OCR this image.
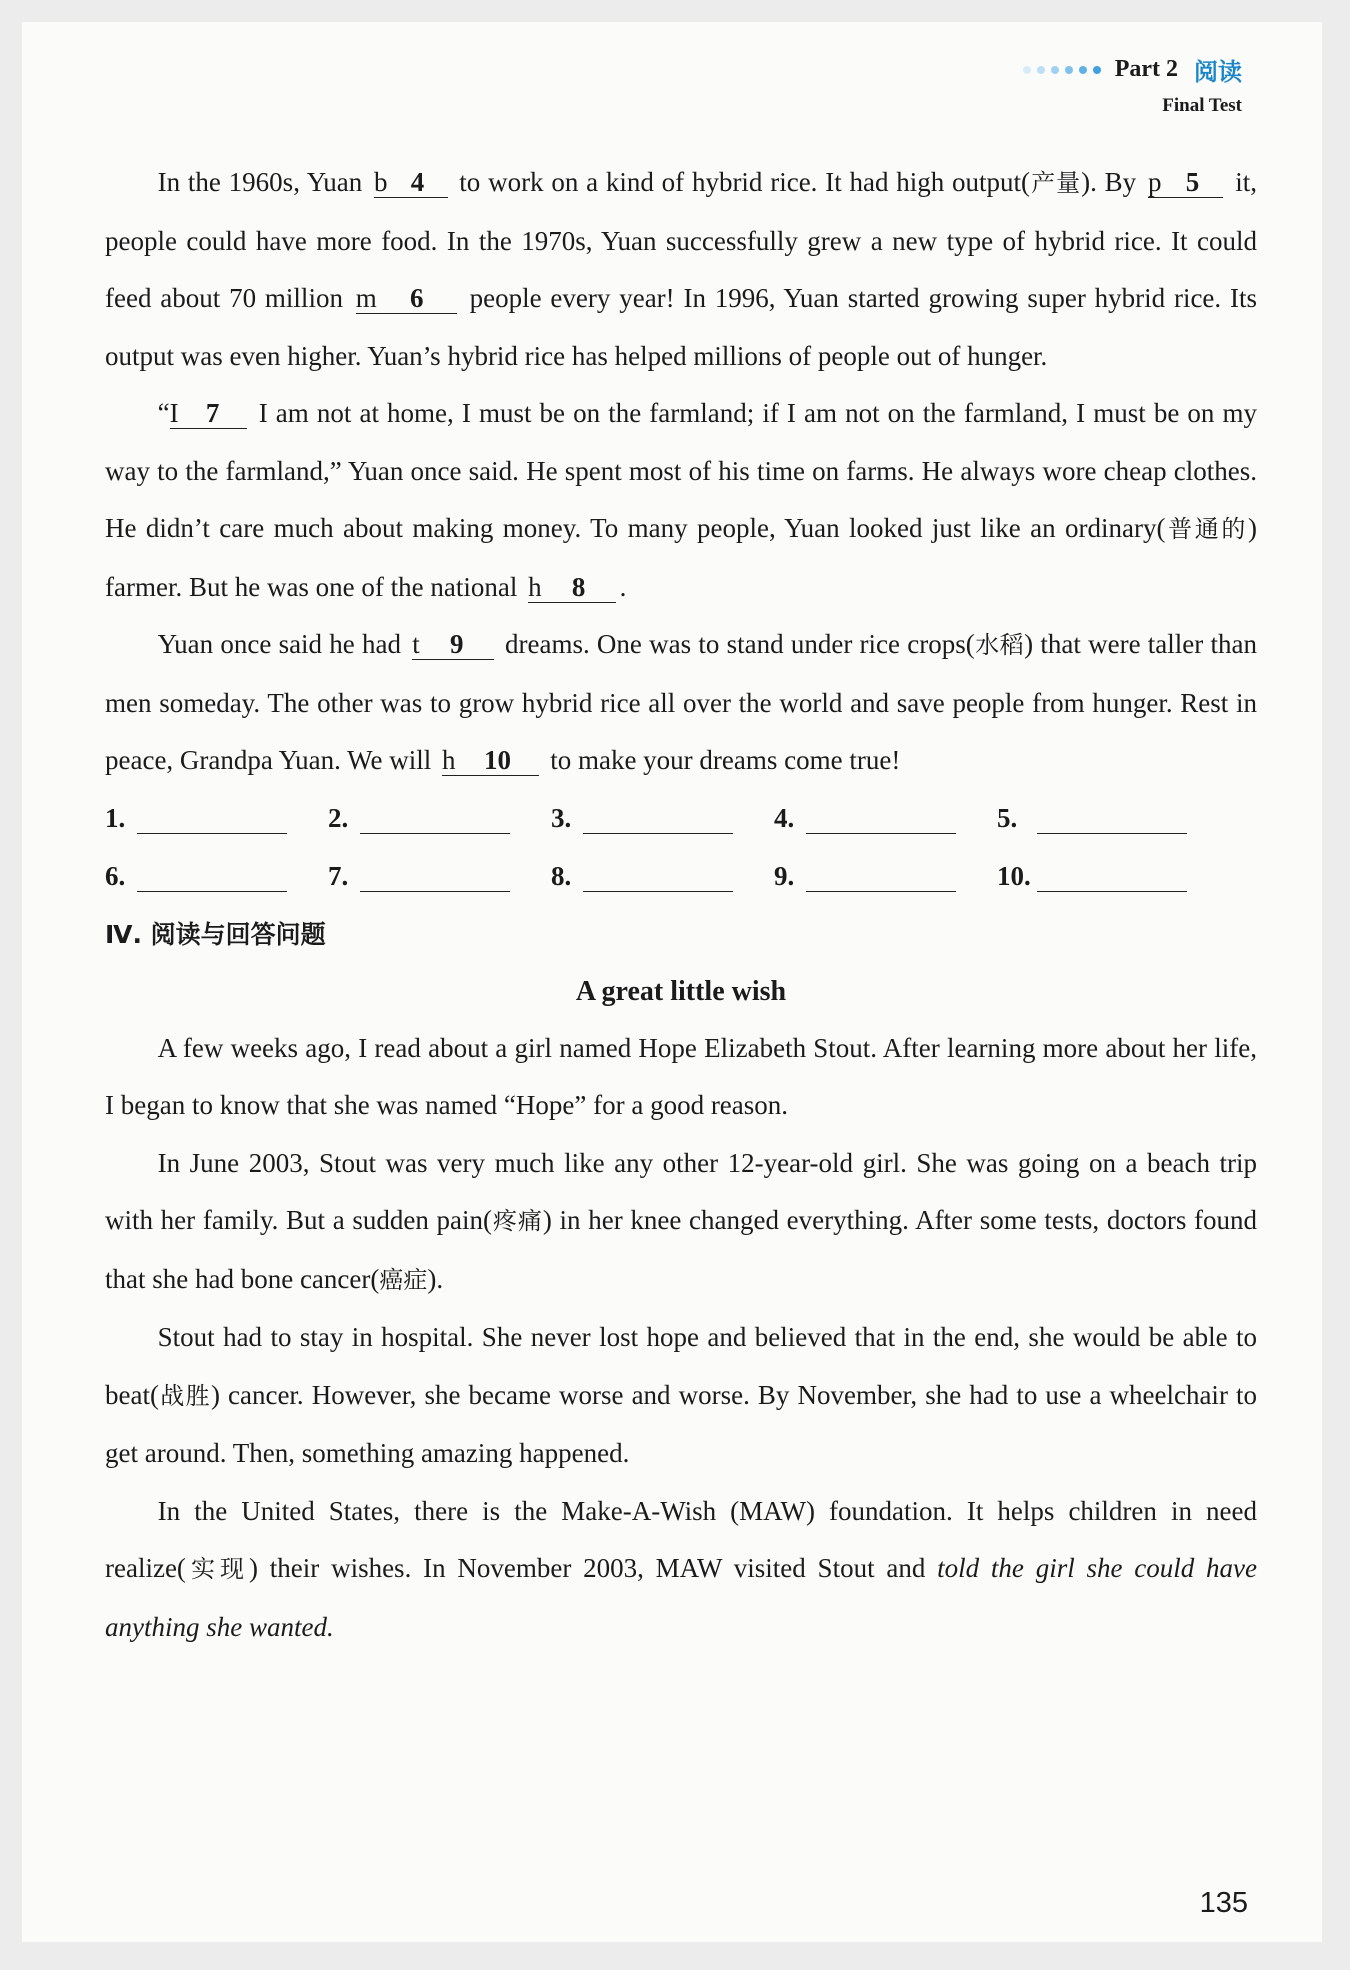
Part 2 阅读
Final Test

In the 1960s, Yuan b 4 to work on a kind of hybrid rice. It had high output(产量). By p 5 it, people could have more food. In the 1970s, Yuan successfully grew a new type of hybrid rice. It could feed about 70 million m 6 people every year! In 1996, Yuan started growing super hybrid rice. Its output was even higher. Yuan’s hybrid rice has helped millions of people out of hunger.

“I 7 I am not at home, I must be on the farmland; if I am not on the farmland, I must be on my way to the farmland,” Yuan once said. He spent most of his time on farms. He always wore cheap clothes. He didn’t care much about making money. To many people, Yuan looked just like an ordinary(普通的) farmer. But he was one of the national h 8 .

Yuan once said he had t 9 dreams. One was to stand under rice crops(水稻) that were taller than men someday. The other was to grow hybrid rice all over the world and save people from hunger. Rest in peace, Grandpa Yuan. We will h 10 to make your dreams come true!

1.	2.	3.	4.	5.
6.	7.	8.	9.	10.
Ⅳ. 阅读与回答问题
A great little wish

A few weeks ago, I read about a girl named Hope Elizabeth Stout. After learning more about her life, I began to know that she was named “Hope” for a good reason.

In June 2003, Stout was very much like any other 12-year-old girl. She was going on a beach trip with her family. But a sudden pain(疼痛) in her knee changed everything. After some tests, doctors found that she had bone cancer(癌症).

Stout had to stay in hospital. She never lost hope and believed that in the end, she would be able to beat(战胜) cancer. However, she became worse and worse. By November, she had to use a wheelchair to get around. Then, something amazing happened.

In the United States, there is the Make-A-Wish (MAW) foundation. It helps children in need realize(实现) their wishes. In November 2003, MAW visited Stout and told the girl she could have anything she wanted.

135
